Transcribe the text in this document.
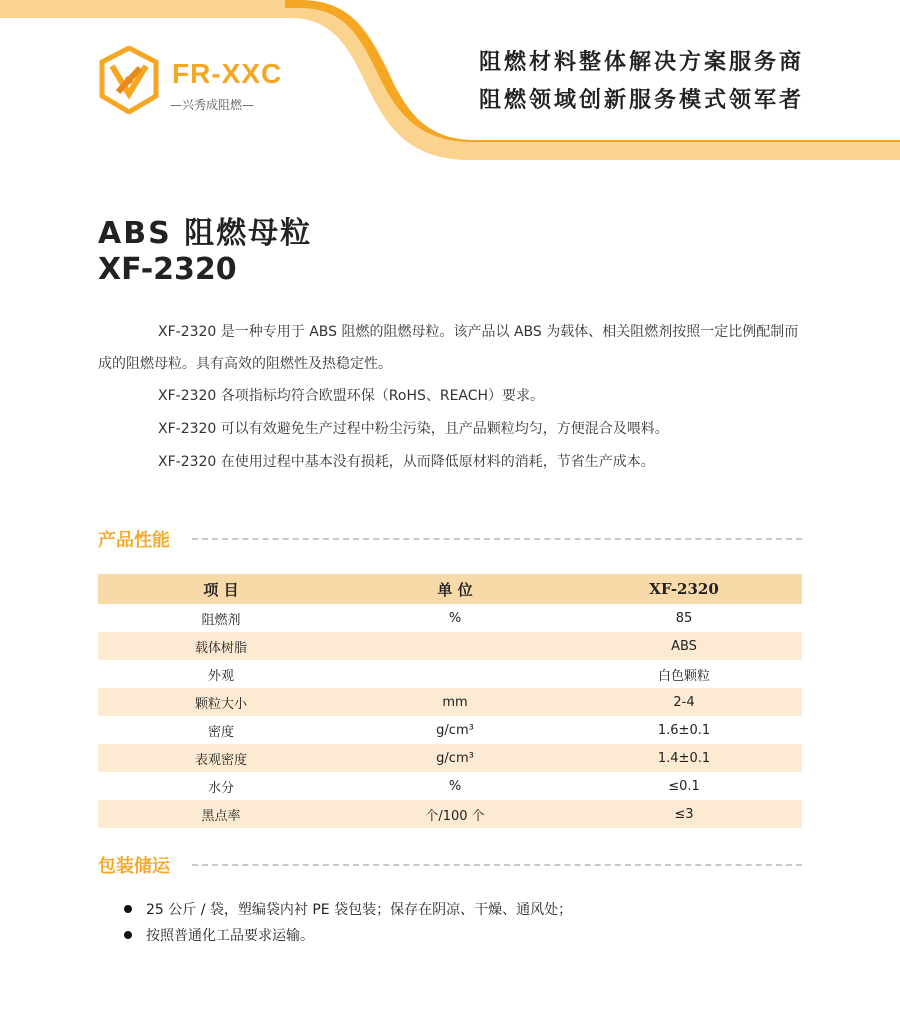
FR-XXC
—兴秀成阻燃—
阻燃材料整体解决方案服务商
阻燃领域创新服务模式领军者
ABS 阻燃母粒
XF-2320

XF-2320 是一种专用于 ABS 阻燃的阻燃母粒。该产品以 ABS 为载体、相关阻燃剂按照一定比例配制而成的阻燃母粒。具有高效的阻燃性及热稳定性。

XF-2320 各项指标均符合欧盟环保（RoHS、REACH）要求。

XF-2320 可以有效避免生产过程中粉尘污染，且产品颗粒均匀，方便混合及喂料。

XF-2320 在使用过程中基本没有损耗，从而降低原材料的消耗，节省生产成本。

产品性能
项 目	单 位	XF-2320
阻燃剂	%	85
载体树脂		ABS
外观		白色颗粒
颗粒大小	mm	2-4
密度	g/cm³	1.6±0.1
表观密度	g/cm³	1.4±0.1
水分	%	≤0.1
黑点率	个/100 个	≤3
包装储运
25 公斤 / 袋，塑编袋内衬 PE 袋包装；保存在阴凉、干燥、通风处；
按照普通化工品要求运输。
